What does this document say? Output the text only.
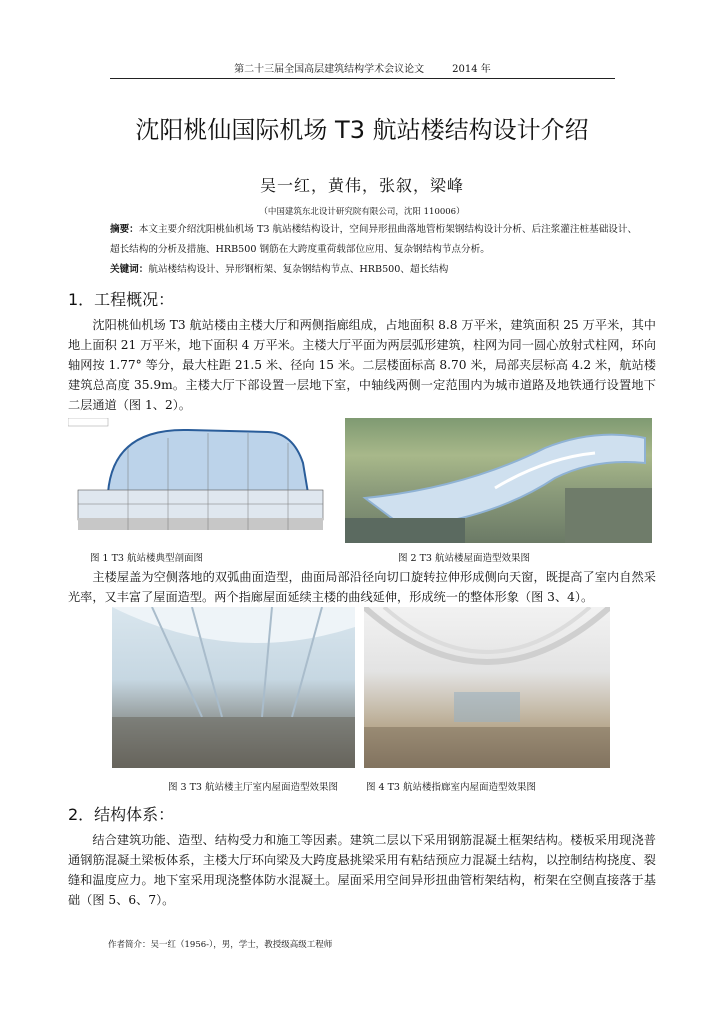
第二十三届全国高层建筑结构学术会议论文	2014 年
沈阳桃仙国际机场 T3 航站楼结构设计介绍
吴一红，黄伟，张叙，梁峰
（中国建筑东北设计研究院有限公司，沈阳 110006）
摘要：本文主要介绍沈阳桃仙机场 T3 航站楼结构设计，空间异形扭曲落地管桁架钢结构设计分析、后注浆灌注桩基础设计、超长结构的分析及措施、HRB500 钢筋在大跨度重荷载部位应用、复杂钢结构节点分析。
关键词：航站楼结构设计、异形钢桁架、复杂钢结构节点、HRB500、超长结构
1．工程概况：
沈阳桃仙机场 T3 航站楼由主楼大厅和两侧指廊组成，占地面积 8.8 万平米，建筑面积 25 万平米，其中地上面积 21 万平米，地下面积 4 万平米。主楼大厅平面为两层弧形建筑，柱网为同一圆心放射式柱网，环向轴网按 1.77° 等分，最大柱距 21.5 米、径向 15 米。二层楼面标高 8.70 米，局部夹层标高 4.2 米，航站楼建筑总高度 35.9m。主楼大厅下部设置一层地下室，中轴线两侧一定范围内为城市道路及地铁通行设置地下二层通道（图 1、2）。
图 1 T3 航站楼典型剖面图	图 2 T3 航站楼屋面造型效果图
主楼屋盖为空侧落地的双弧曲面造型，曲面局部沿径向切口旋转拉伸形成侧向天窗，既提高了室内自然采光率，又丰富了屋面造型。两个指廊屋面延续主楼的曲线延伸，形成统一的整体形象（图 3、4）。
图 3 T3 航站楼主厅室内屋面造型效果图	图 4 T3 航站楼指廊室内屋面造型效果图
2．结构体系：
结合建筑功能、造型、结构受力和施工等因素。建筑二层以下采用钢筋混凝土框架结构。楼板采用现浇普通钢筋混凝土梁板体系，主楼大厅环向梁及大跨度悬挑梁采用有粘结预应力混凝土结构，以控制结构挠度、裂缝和温度应力。地下室采用现浇整体防水混凝土。屋面采用空间异形扭曲管桁架结构，桁架在空侧直接落于基础（图 5、6、7）。
作者简介：吴一红（1956-），男，学士，教授级高级工程师
